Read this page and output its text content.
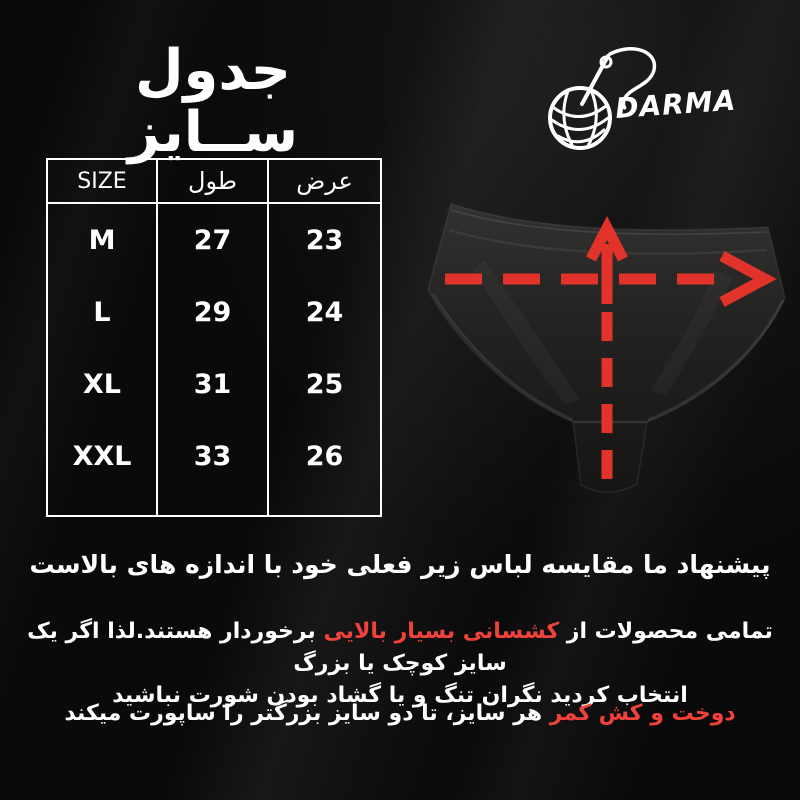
جدول ســایز	DARMA
SIZE	طول	عرض
M	27	23
L	29	24
XL	31	25
XXL	33	26

پیشنهاد ما مقایسه لباس زیر فعلی خود با اندازه های بالاست
تمامی محصولات از کشسانی بسیار بالایی برخوردار هستند.لذا اگر یک سایز کوچک یا بزرگ
انتخاب کردید نگران تنگ و یا گشاد بودن شورت نباشید
دوخت و کش کمر هر سایز، تا دو سایز بزرگتر را ساپورت میکند
